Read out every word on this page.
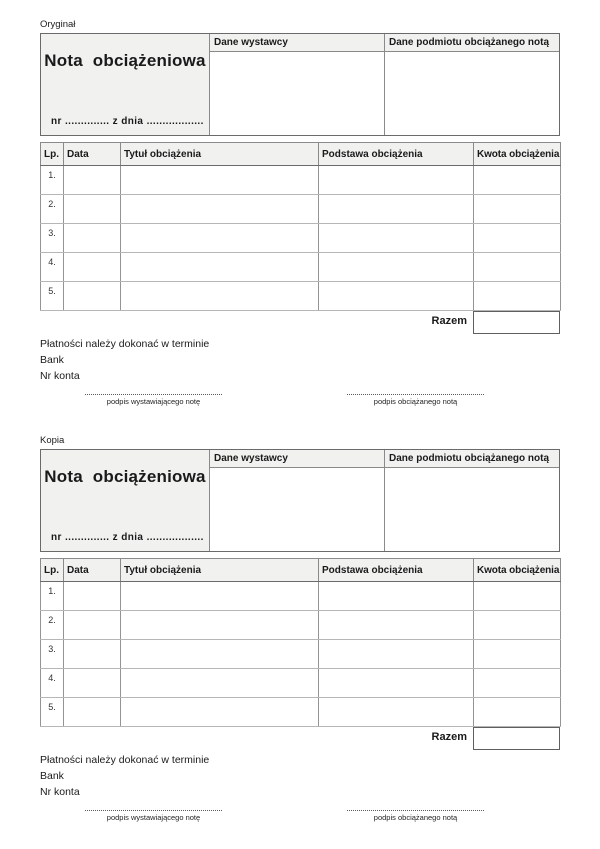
Oryginał
Nota obciążeniowa
nr .............. z dnia ..................
Dane wystawcy	Dane podmiotu obciążanego notą
Lp.	Data	Tytuł obciążenia	Podstawa obciążenia	Kwota obciążenia
1.				
2.				
3.				
4.				
5.				
Razem
Płatności należy dokonać w terminie
Bank
Nr konta
podpis wystawiającego notę	podpis obciążanego notą
Kopia
Nota obciążeniowa
nr .............. z dnia ..................
Dane wystawcy	Dane podmiotu obciążanego notą
Lp.	Data	Tytuł obciążenia	Podstawa obciążenia	Kwota obciążenia
1.				
2.				
3.				
4.				
5.				
Razem
Płatności należy dokonać w terminie
Bank
Nr konta
podpis wystawiającego notę	podpis obciążanego notą
